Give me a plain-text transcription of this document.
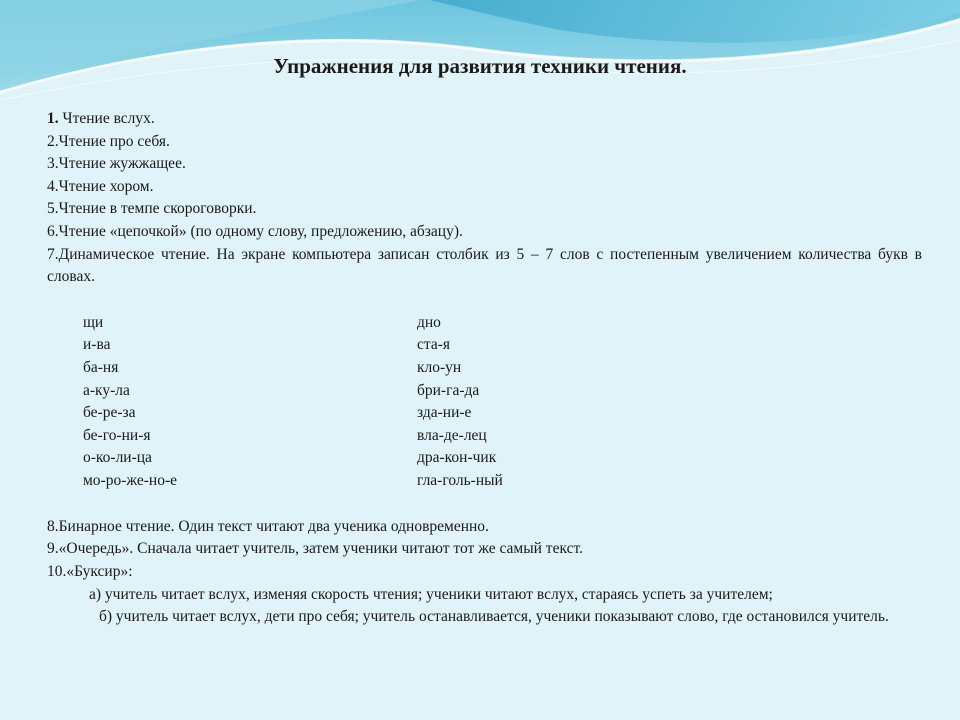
Упражнения для развития техники чтения.
1. Чтение вслух.
2.Чтение про себя.
3.Чтение жужжащее.
4.Чтение хором.
5.Чтение в темпе скороговорки.
6.Чтение «цепочкой» (по одному слову, предложению, абзацу).
7.Динамическое чтение. На экране компьютера записан столбик из 5 – 7 слов с постепенным увеличением количества букв в словах.
щи
и-ва
ба-ня
а-ку-ла
бе-ре-за
бе-го-ни-я
о-ко-ли-ца
мо-ро-же-но-е
дно
ста-я
кло-ун
бри-га-да
зда-ни-е
вла-де-лец
дра-кон-чик
гла-голь-ный
8.Бинарное чтение. Один текст читают два ученика одновременно.
9.«Очередь». Сначала читает учитель, затем ученики читают тот же самый текст.
10.«Буксир»:
а) учитель читает вслух, изменяя скорость чтения; ученики читают вслух, стараясь успеть за учителем;
б) учитель читает вслух, дети про себя; учитель останавливается, ученики показывают слово, где остановился учитель.
